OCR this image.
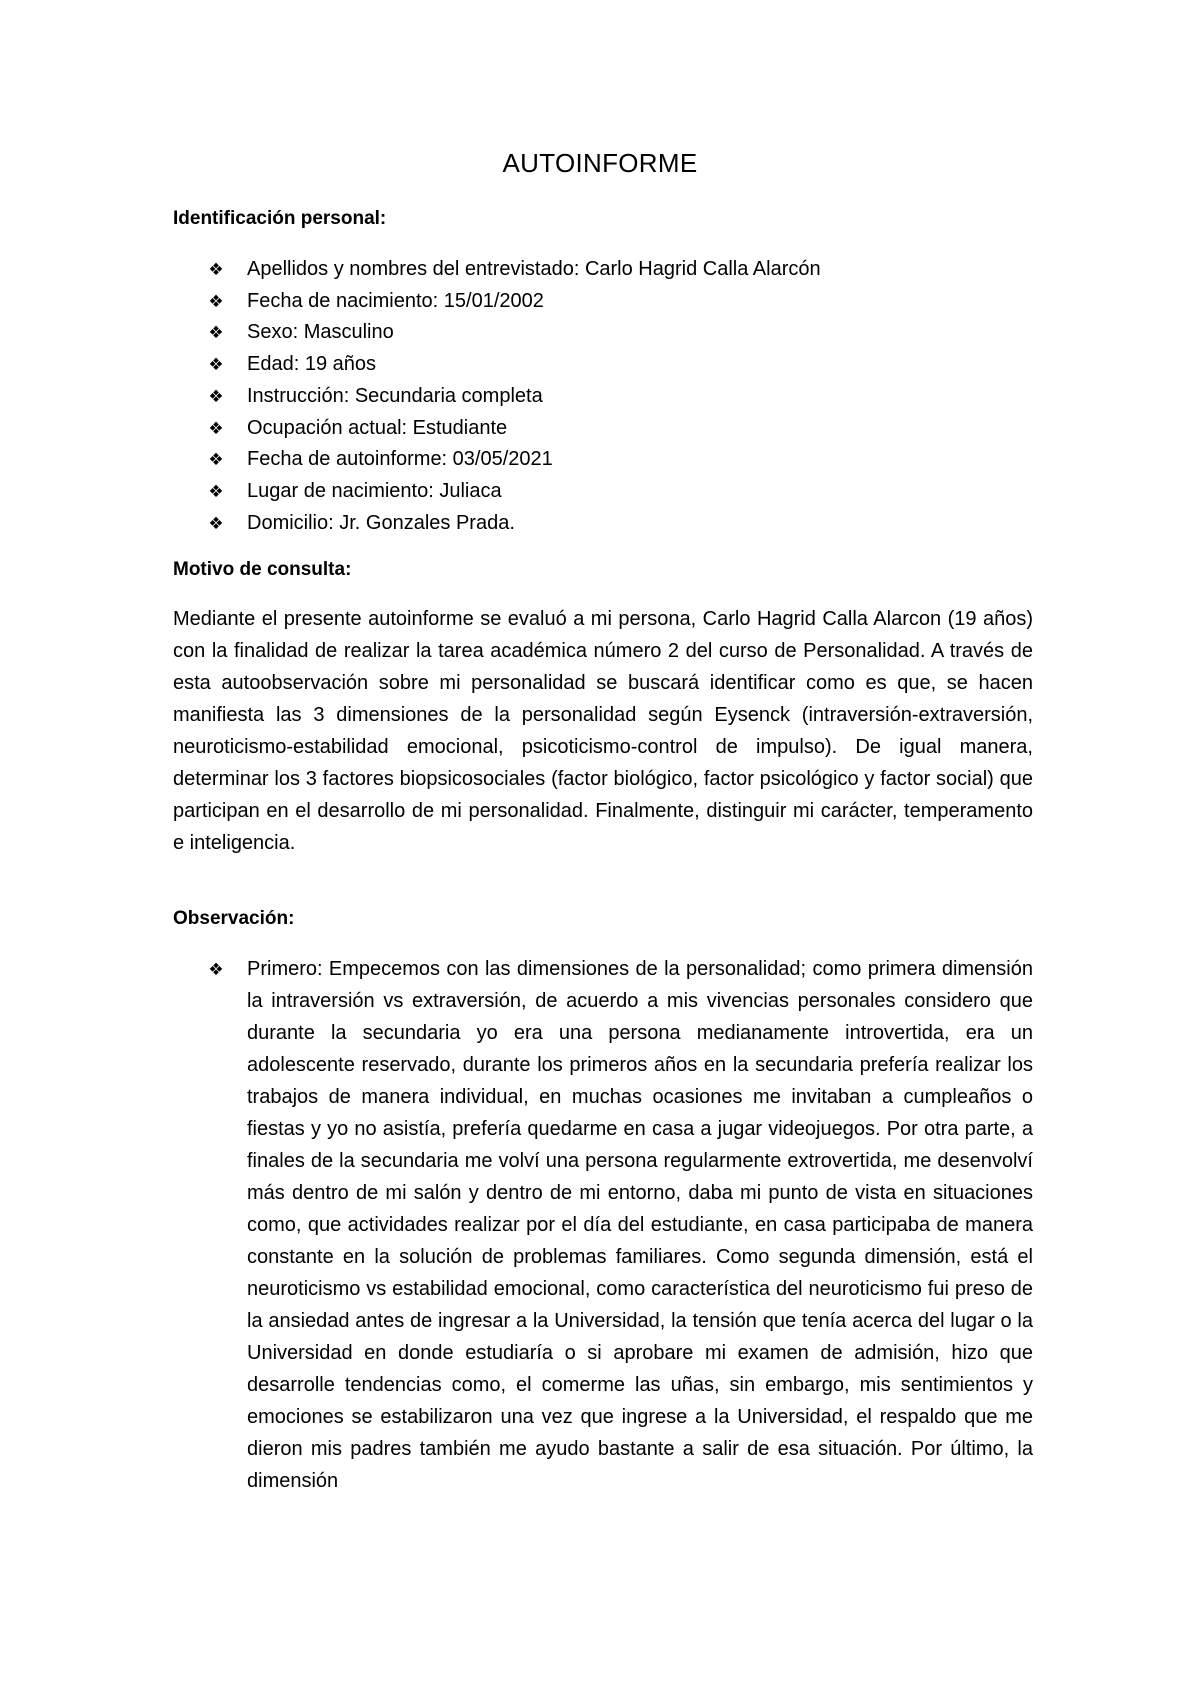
AUTOINFORME
Identificación personal:
❖ Apellidos y nombres del entrevistado: Carlo Hagrid Calla Alarcón
❖ Fecha de nacimiento: 15/01/2002
❖ Sexo: Masculino
❖ Edad: 19 años
❖ Instrucción: Secundaria completa
❖ Ocupación actual: Estudiante
❖ Fecha de autoinforme: 03/05/2021
❖ Lugar de nacimiento: Juliaca
❖ Domicilio: Jr. Gonzales Prada.
Motivo de consulta:

Mediante el presente autoinforme se evaluó a mi persona, Carlo Hagrid Calla Alarcon (19 años) con la finalidad de realizar la tarea académica número 2 del curso de Personalidad. A través de esta autoobservación sobre mi personalidad se buscará identificar como es que, se hacen manifiesta las 3 dimensiones de la personalidad según Eysenck (intraversión-extraversión, neuroticismo-estabilidad emocional, psicoticismo-control de impulso). De igual manera, determinar los 3 factores biopsicosociales (factor biológico, factor psicológico y factor social) que participan en el desarrollo de mi personalidad. Finalmente, distinguir mi carácter, temperamento e inteligencia.

Observación:
❖ Primero: Empecemos con las dimensiones de la personalidad; como primera dimensión la intraversión vs extraversión, de acuerdo a mis vivencias personales considero que durante la secundaria yo era una persona medianamente introvertida, era un adolescente reservado, durante los primeros años en la secundaria prefería realizar los trabajos de manera individual, en muchas ocasiones me invitaban a cumpleaños o fiestas y yo no asistía, prefería quedarme en casa a jugar videojuegos. Por otra parte, a finales de la secundaria me volví una persona regularmente extrovertida, me desenvolví más dentro de mi salón y dentro de mi entorno, daba mi punto de vista en situaciones como, que actividades realizar por el día del estudiante, en casa participaba de manera constante en la solución de problemas familiares. Como segunda dimensión, está el neuroticismo vs estabilidad emocional, como característica del neuroticismo fui preso de la ansiedad antes de ingresar a la Universidad, la tensión que tenía acerca del lugar o la Universidad en donde estudiaría o si aprobare mi examen de admisión, hizo que desarrolle tendencias como, el comerme las uñas, sin embargo, mis sentimientos y emociones se estabilizaron una vez que ingrese a la Universidad, el respaldo que me dieron mis padres también me ayudo bastante a salir de esa situación. Por último, la dimensión
